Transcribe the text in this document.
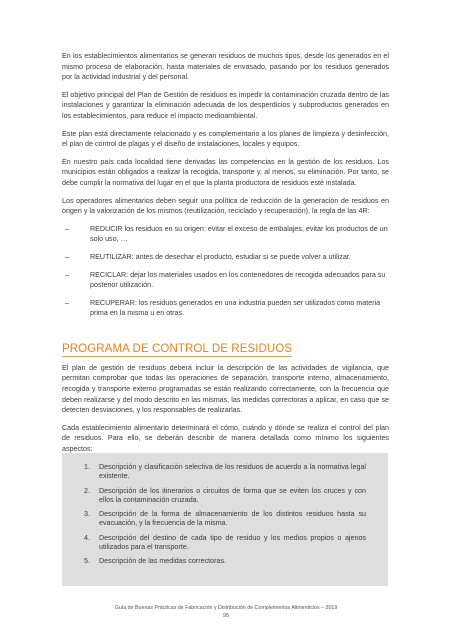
En los establecimientos alimentarios se generan residuos de muchos tipos, desde los generados en el mismo proceso de elaboración, hasta materiales de envasado, pasando por los residuos generados por la actividad industrial y del personal.

El objetivo principal del Plan de Gestión de residuos es impedir la contaminación cruzada dentro de las instalaciones y garantizar la eliminación adecuada de los desperdicios y subproductos generados en los establecimientos, para reducir el impacto medioambiental.

Este plan está directamente relacionado y es complementario a los planes de limpieza y desinfección, el plan de control de plagas y el diseño de instalaciones, locales y equipos.

En nuestro país cada localidad tiene derivadas las competencias en la gestión de los residuos. Los municipios están obligados a realizar la recogida, transporte y, al menos, su eliminación. Por tanto, se debe cumplir la normativa del lugar en el que la planta productora de residuos esté instalada.

Los operadores alimentarios deben seguir una política de reducción de la generación de residuos en origen y la valorización de los mismos (reutilización, reciclado y recuperación), la regla de las 4R:

–	REDUCIR los residuos en su origen: evitar el exceso de embalajes, evitar los productos de un solo uso, …
–	REUTILIZAR: antes de desechar el producto, estudiar si se puede volver a utilizar.
–	RECICLAR: dejar los materiales usados en los contenedores de recogida adecuados para su posterior utilización.
–	RECUPERAR: los residuos generados en una industria pueden ser utilizados como materia prima en la misma u en otras.
PROGRAMA DE CONTROL DE RESIDUOS

El plan de gestión de residuos deberá incluir la descripción de las actividades de vigilancia, que permitan comprobar que todas las operaciones de separación, transporte interno, almacenamiento, recogida y transporte externo programadas se están realizando correctamente, con la frecuencia que deben realizarse y del modo descrito en las mismas, las medidas correctoras a aplicar, en caso que se detecten desviaciones, y los responsables de realizarlas.

Cada establecimiento alimentario determinará el cómo, cuándo y dónde se realiza el control del plan de residuos. Para ello, se deberán describir de manera detallada como mínimo los siguientes aspectos:

1. Descripción y clasificación selectiva de los residuos de acuerdo a la normativa legal existente.
2. Descripción de los itinerarios o circuitos de forma que se eviten los cruces y con ellos la contaminación cruzada.
3. Descripción de la forma de almacenamiento de los distintos residuos hasta su evacuación, y la frecuencia de la misma.
4. Descripción del destino de cada tipo de residuo y los medios propios o ajenos utilizados para el transporte.
5. Descripción de las medidas correctoras.
Guía de Buenas Prácticas de Fabricación y Distribución de Complementos Alimenticios – 2019
95
